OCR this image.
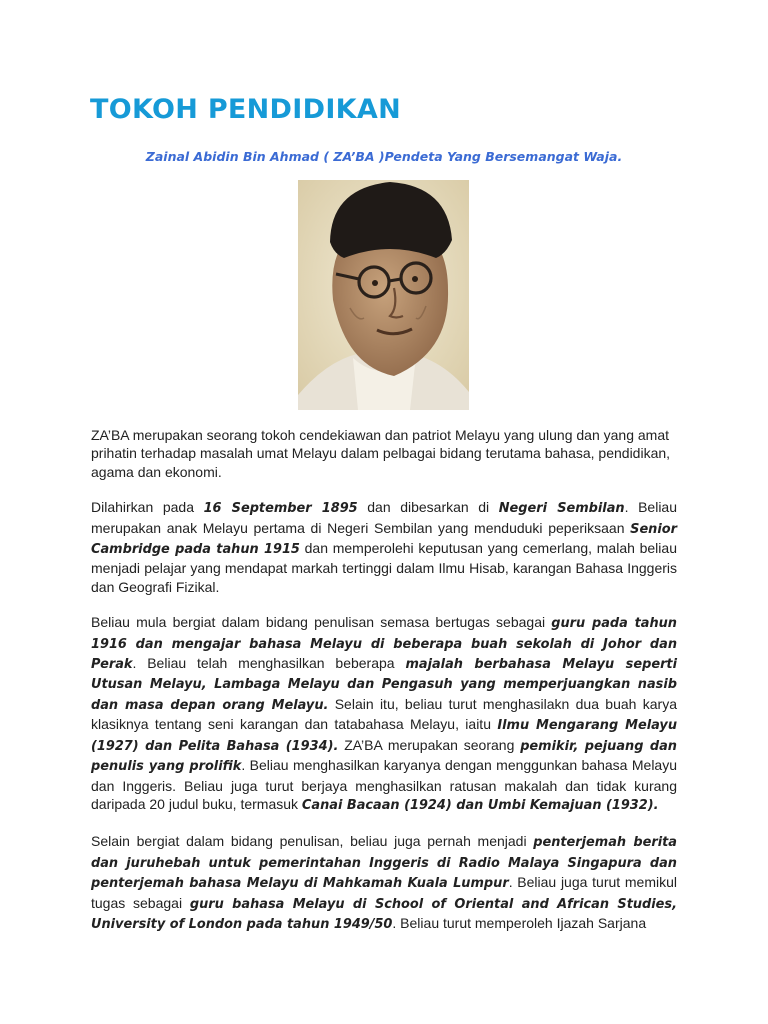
TOKOH PENDIDIKAN
Zainal Abidin Bin Ahmad ( ZA’BA )Pendeta Yang Bersemangat Waja.

ZA’BA merupakan seorang tokoh cendekiawan dan patriot Melayu yang ulung dan yang amat prihatin terhadap masalah umat Melayu dalam pelbagai bidang terutama bahasa, pendidikan, agama dan ekonomi.

Dilahirkan pada 16 September 1895 dan dibesarkan di Negeri Sembilan. Beliau merupakan anak Melayu pertama di Negeri Sembilan yang menduduki peperiksaan Senior Cambridge pada tahun 1915 dan memperolehi keputusan yang cemerlang, malah beliau menjadi pelajar yang mendapat markah tertinggi dalam Ilmu Hisab, karangan Bahasa Inggeris dan Geografi Fizikal.

Beliau mula bergiat dalam bidang penulisan semasa bertugas sebagai guru pada tahun 1916 dan mengajar bahasa Melayu di beberapa buah sekolah di Johor dan Perak. Beliau telah menghasilkan beberapa majalah berbahasa Melayu seperti Utusan Melayu, Lambaga Melayu dan Pengasuh yang memperjuangkan nasib dan masa depan orang Melayu. Selain itu, beliau turut menghasilakn dua buah karya klasiknya tentang seni karangan dan tatabahasa Melayu, iaitu Ilmu Mengarang Melayu (1927) dan Pelita Bahasa (1934). ZA’BA merupakan seorang pemikir, pejuang dan penulis yang prolifik. Beliau menghasilkan karyanya dengan menggunkan bahasa Melayu dan Inggeris. Beliau juga turut berjaya menghasilkan ratusan makalah dan tidak kurang daripada 20 judul buku, termasuk Canai Bacaan (1924) dan Umbi Kemajuan (1932).

Selain bergiat dalam bidang penulisan, beliau juga pernah menjadi penterjemah berita dan juruhebah untuk pemerintahan Inggeris di Radio Malaya Singapura dan penterjemah bahasa Melayu di Mahkamah Kuala Lumpur. Beliau juga turut memikul tugas sebagai guru bahasa Melayu di School of Oriental and African Studies, University of London pada tahun 1949/50. Beliau turut memperoleh Ijazah Sarjana
